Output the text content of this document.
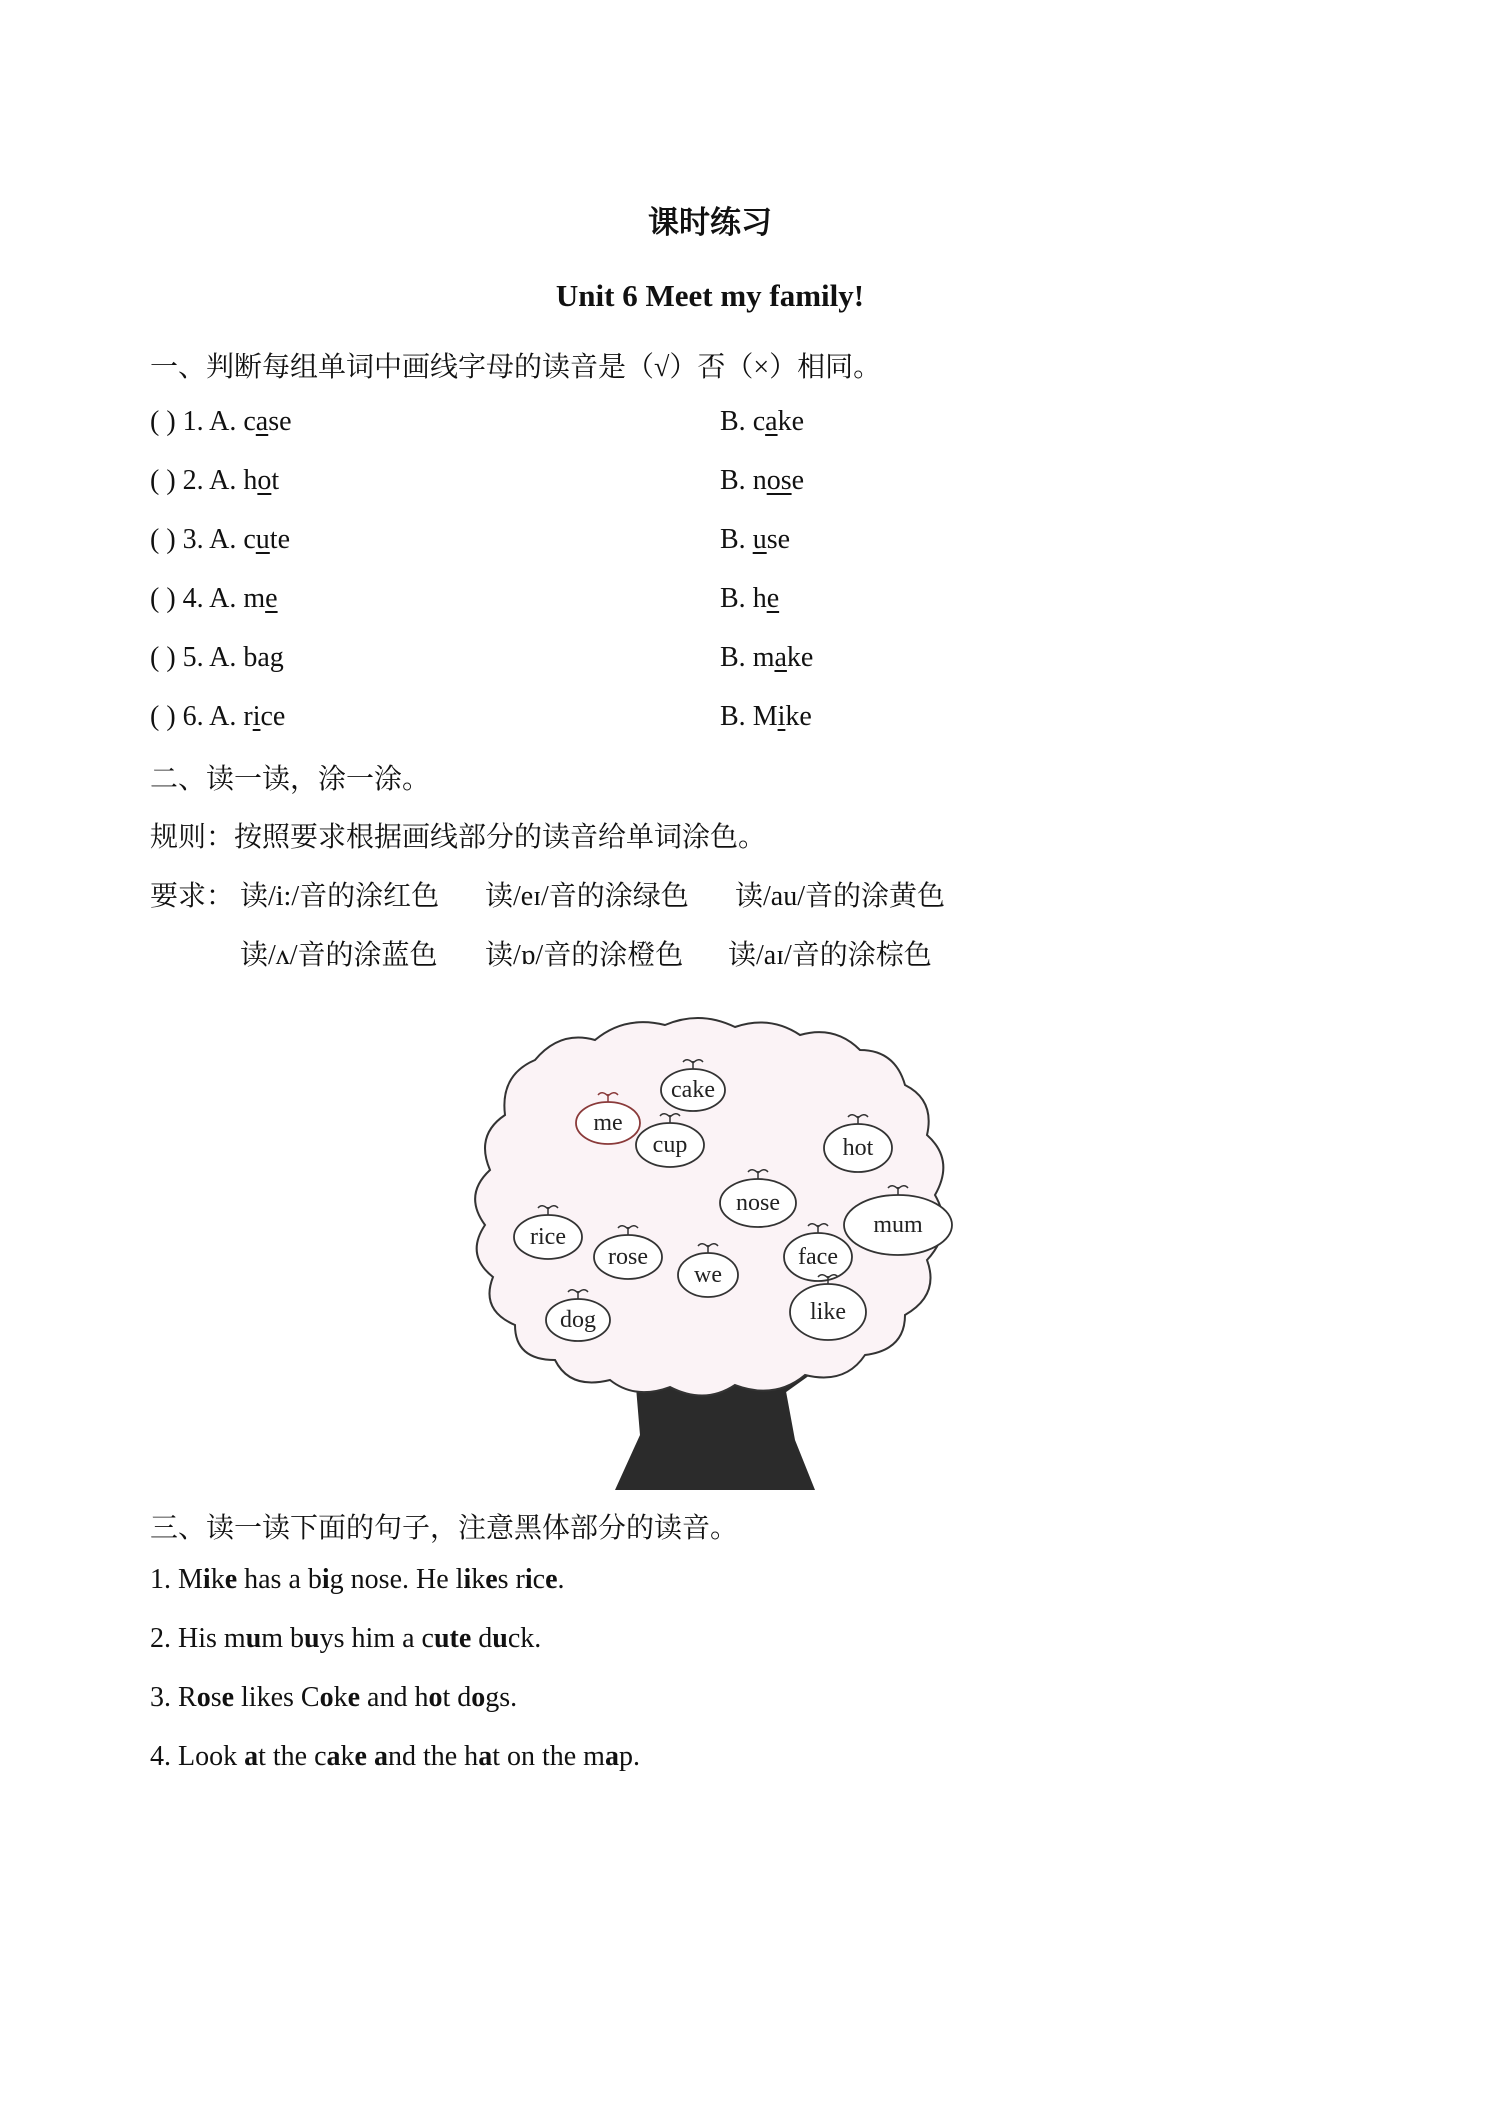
课时练习
Unit 6 Meet my family!
一、判断每组单词中画线字母的读音是（√）否（×）相同。
( ) 1. A. case	B. cake
( ) 2. A. hot	B. nose
( ) 3. A. cute	B. use
( ) 4. A. me	B. he
( ) 5. A. bag	B. make
( ) 6. A. rice	B. Mike
二、读一读，涂一涂。
规则：按照要求根据画线部分的读音给单词涂色。
要求： 读/i:/音的涂红色 读/eɪ/音的涂绿色 读/au/音的涂黄色
读/ʌ/音的涂蓝色 读/ɒ/音的涂橙色 读/aɪ/音的涂棕色
cake
me
cup	hot
nose
mum
rice
rose
we
face
dog	like
三、读一读下面的句子，注意黑体部分的读音。
1. Mike has a big nose. He likes rice.
2. His mum buys him a cute duck.
3. Rose likes Coke and hot dogs.
4. Look at the cake and the hat on the map.
